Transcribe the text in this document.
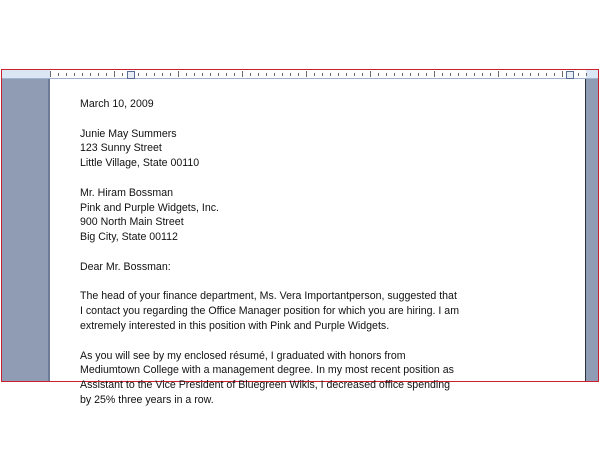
March 10, 2009
Junie May Summers
123 Sunny Street
Little Village, State 00110
Mr. Hiram Bossman
Pink and Purple Widgets, Inc.
900 North Main Street
Big City, State 00112
Dear Mr. Bossman:
The head of your finance department, Ms. Vera Importantperson, suggested that
I contact you regarding the Office Manager position for which you are hiring. I am
extremely interested in this position with Pink and Purple Widgets.
As you will see by my enclosed résumé, I graduated with honors from
Mediumtown College with a management degree. In my most recent position as
Assistant to the Vice President of Bluegreen Wikis, I decreased office spending
by 25% three years in a row.
